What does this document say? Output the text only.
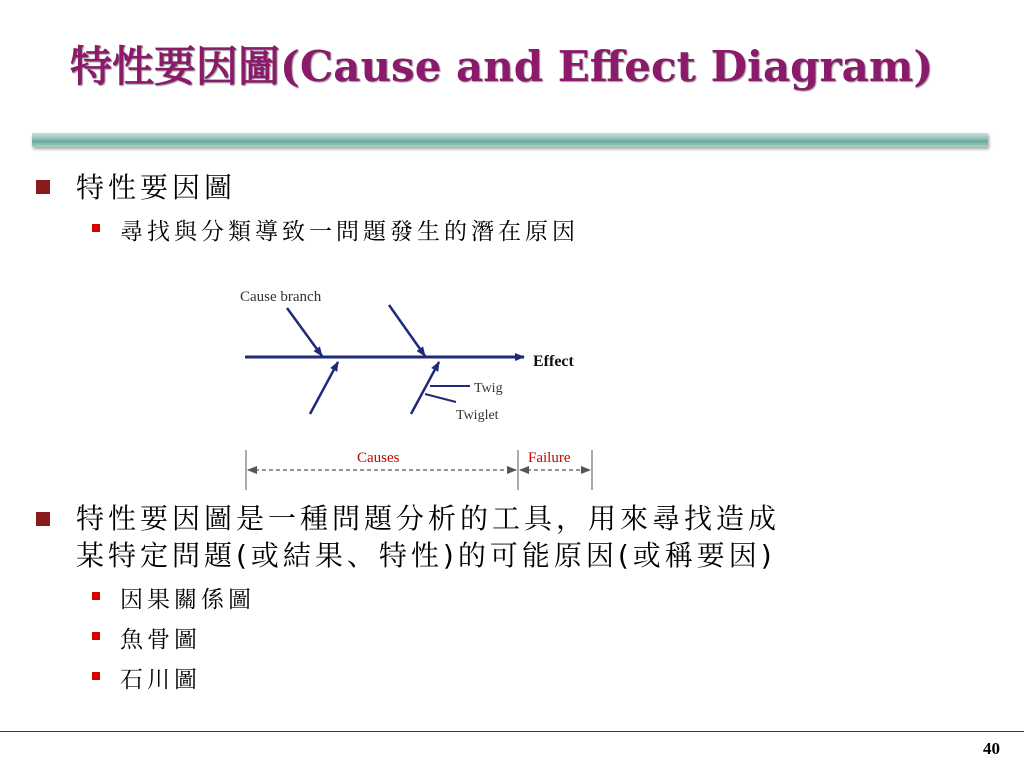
特性要因圖(Cause and Effect Diagram)
特性要因圖
尋找與分類導致一問題發生的潛在原因
Cause branch
Effect
Twig
Twiglet
Causes	Failure
特性要因圖是一種問題分析的工具，用來尋找造成
某特定問題(或結果、特性)的可能原因(或稱要因)
因果關係圖
魚骨圖
石川圖
40
